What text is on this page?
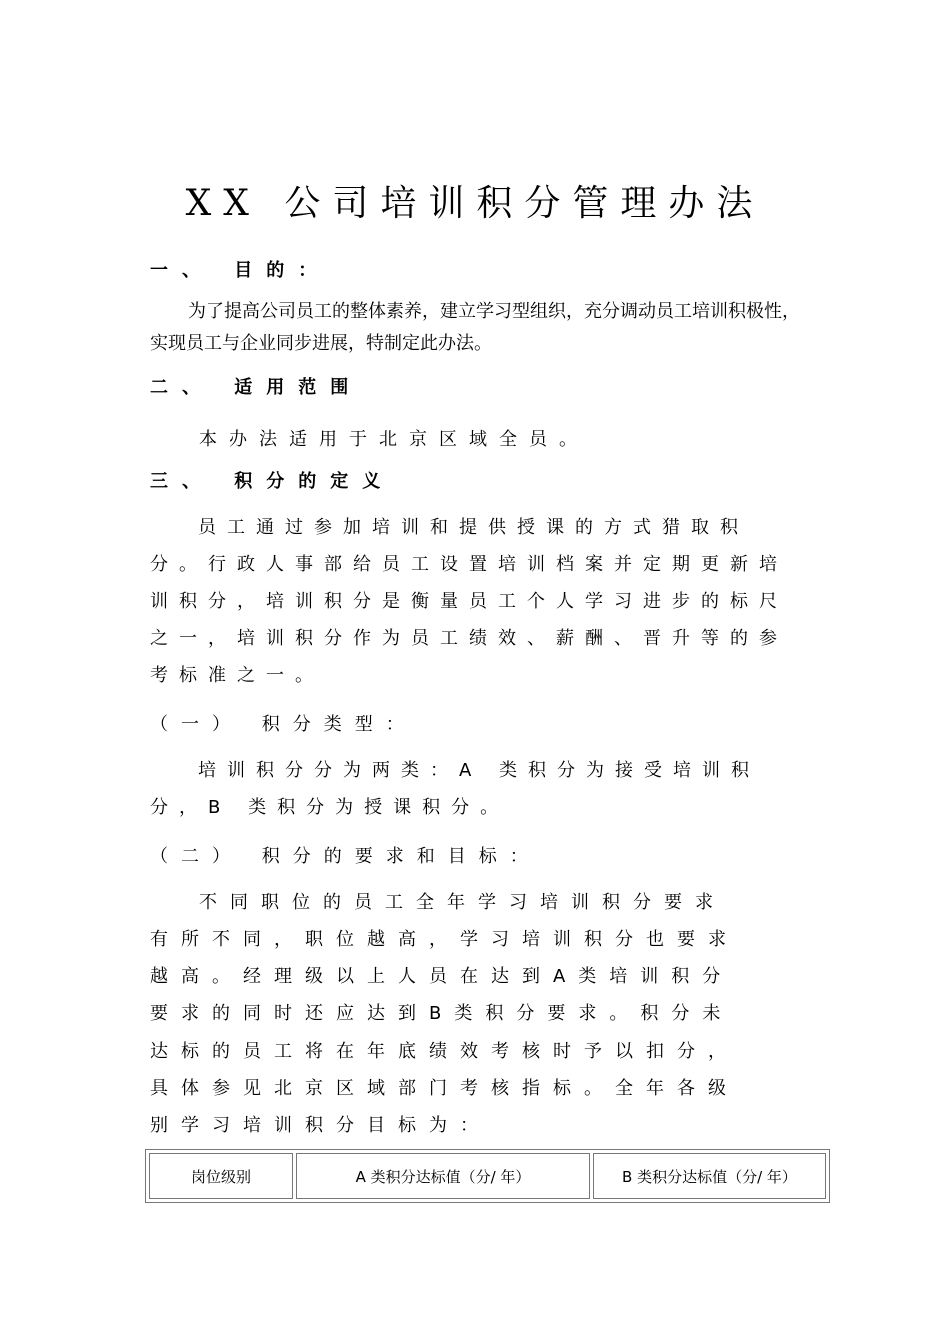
XX 公司培训积分管理办法
一、 目的：
为了提高公司员工的整体素养，建立学习型组织，充分调动员工培训积极性，实现员工与企业同步进展，特制定此办法。
二、 适用范围
本办法适用于北京区域全员。
三、 积分的定义
员工通过参加培训和提供授课的方式猎取积分。行政人事部给员工设置培训档案并定期更新培训积分，培训积分是衡量员工个人学习进步的标尺之一，培训积分作为员工绩效、薪酬、晋升等的参考标准之一。
（一） 积分类型：
培训积分分为两类：A 类积分为接受培训积分，B 类积分为授课积分。
（二） 积分的要求和目标：
不同职位的员工全年学习培训积分要求
有所不同，职位越高，学习培训积分也要求
越高。经理级以上人员在达到A类培训积分
要求的同时还应达到B类积分要求。积分未
达标的员工将在年底绩效考核时予以扣分，
具体参见北京区域部门考核指标。全年各级
别学习培训积分目标为：
岗位级别	A 类积分达标值（分/ 年）	B 类积分达标值（分/ 年）
